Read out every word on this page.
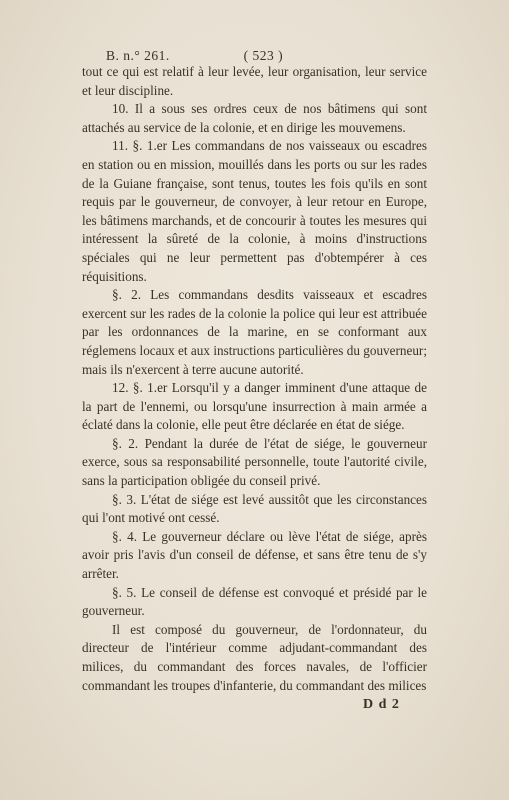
B. n.° 261.	( 523 )

tout ce qui est relatif à leur levée, leur organisation, leur service et leur discipline.

10. Il a sous ses ordres ceux de nos bâtimens qui sont attachés au service de la colonie, et en dirige les mouvemens.

11. §. 1.er Les commandans de nos vaisseaux ou escadres en station ou en mission, mouillés dans les ports ou sur les rades de la Guiane française, sont tenus, toutes les fois qu'ils en sont requis par le gouverneur, de convoyer, à leur retour en Europe, les bâtimens marchands, et de concourir à toutes les mesures qui intéressent la sûreté de la colonie, à moins d'instructions spéciales qui ne leur permettent pas d'obtempérer à ces réquisitions.

§. 2. Les commandans desdits vaisseaux et escadres exercent sur les rades de la colonie la police qui leur est attribuée par les ordonnances de la marine, en se conformant aux réglemens locaux et aux instructions particulières du gouverneur; mais ils n'exercent à terre aucune autorité.

12. §. 1.er Lorsqu'il y a danger imminent d'une attaque de la part de l'ennemi, ou lorsqu'une insurrection à main armée a éclaté dans la colonie, elle peut être déclarée en état de siége.

§. 2. Pendant la durée de l'état de siége, le gouverneur exerce, sous sa responsabilité personnelle, toute l'autorité civile, sans la participation obligée du conseil privé.

§. 3. L'état de siége est levé aussitôt que les circonstances qui l'ont motivé ont cessé.

§. 4. Le gouverneur déclare ou lève l'état de siége, après avoir pris l'avis d'un conseil de défense, et sans être tenu de s'y arrêter.

§. 5. Le conseil de défense est convoqué et présidé par le gouverneur.

Il est composé du gouverneur, de l'ordonnateur, du directeur de l'intérieur comme adjudant-commandant des milices, du commandant des forces navales, de l'officier commandant les troupes d'infanterie, du commandant des milices

D d 2
